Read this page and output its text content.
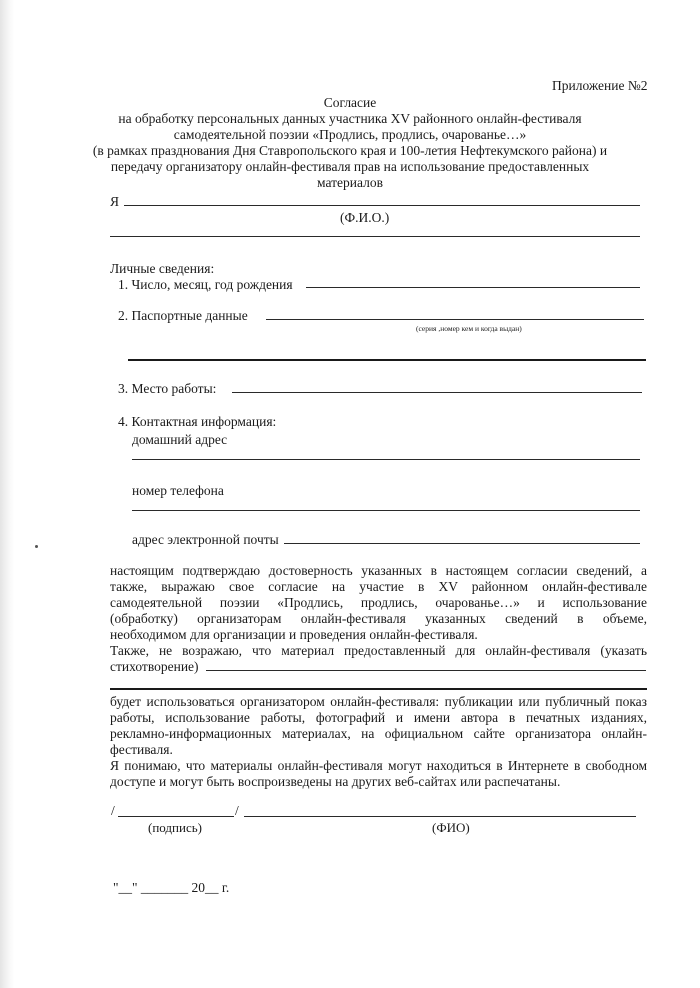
Приложение №2
Согласие
на обработку персональных данных участника XV районного онлайн-фестиваля
самодеятельной поэзии «Продлись, продлись, очарованье…»
(в рамках празднования Дня Ставропольского края и 100-летия Нефтекумского района) и
передачу организатору онлайн-фестиваля прав на использование предоставленных
материалов
Я
(Ф.И.О.)
Личные сведения:
1. Число, месяц, год рождения
2. Паспортные данные
(серия ,номер кем и когда выдан)
3. Место работы:
4. Контактная информация:
домашний адрес
номер телефона
адрес электронной почты
настоящим подтверждаю достоверность указанных в настоящем согласии сведений, а
также, выражаю свое согласие на участие в XV районном онлайн-фестивале
самодеятельной поэзии «Продлись, продлись, очарованье…» и использование
(обработку) организаторам онлайн-фестиваля указанных сведений в объеме,
необходимом для организации и проведения онлайн-фестиваля.
Также, не возражаю, что материал предоставленный для онлайн-фестиваля (указать
стихотворение)
будет использоваться организатором онлайн-фестиваля: публикации или публичный показ
работы, использование работы, фотографий и имени автора в печатных изданиях,
рекламно-информационных материалах, на официальном сайте организатора онлайн-
фестиваля.
Я понимаю, что материалы онлайн-фестиваля могут находиться в Интернете в свободном
доступе и могут быть воспроизведены на других веб-сайтах или распечатаны.
/	/
(подпись)	(ФИО)
"__" _______ 20__ г.
